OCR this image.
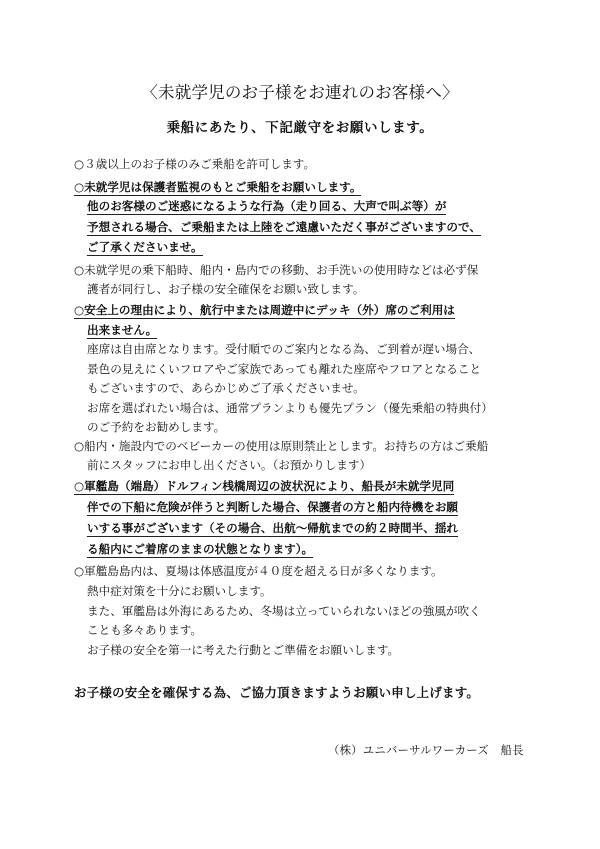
〈未就学児のお子様をお連れのお客様へ〉
乗船にあたり、下記厳守をお願いします。
○３歳以上のお子様のみご乗船を許可します。
○未就学児は保護者監視のもとご乗船をお願いします。
他のお客様のご迷惑になるような行為（走り回る、大声で叫ぶ等）が
予想される場合、ご乗船または上陸をご遠慮いただく事がございますので、
ご了承くださいませ。
○未就学児の乗下船時、船内・島内での移動、お手洗いの使用時などは必ず保
護者が同行し、お子様の安全確保をお願い致します。
○安全上の理由により、航行中または周遊中にデッキ（外）席のご利用は
出来ません。
座席は自由席となります。受付順でのご案内となる為、ご到着が遅い場合、
景色の見えにくいフロアやご家族であっても離れた座席やフロアとなること
もございますので、あらかじめご了承くださいませ。
お席を選ばれたい場合は、通常プランよりも優先プラン（優先乗船の特典付）
のご予約をお勧めします。
○船内・施設内でのベビーカーの使用は原則禁止とします。お持ちの方はご乗船
前にスタッフにお申し出ください。（お預かりします）
○軍艦島（端島）ドルフィン桟橋周辺の波状況により、船長が未就学児同
伴での下船に危険が伴うと判断した場合、保護者の方と船内待機をお願
いする事がございます（その場合、出航～帰航までの約２時間半、揺れ
る船内にご着席のままの状態となります）。
○軍艦島島内は、夏場は体感温度が４０度を超える日が多くなります。
熱中症対策を十分にお願いします。
また、軍艦島は外海にあるため、冬場は立っていられないほどの強風が吹く
ことも多々あります。
お子様の安全を第一に考えた行動とご準備をお願いします。
お子様の安全を確保する為、ご協力頂きますようお願い申し上げます。
（株）ユニバーサルワーカーズ　船長
